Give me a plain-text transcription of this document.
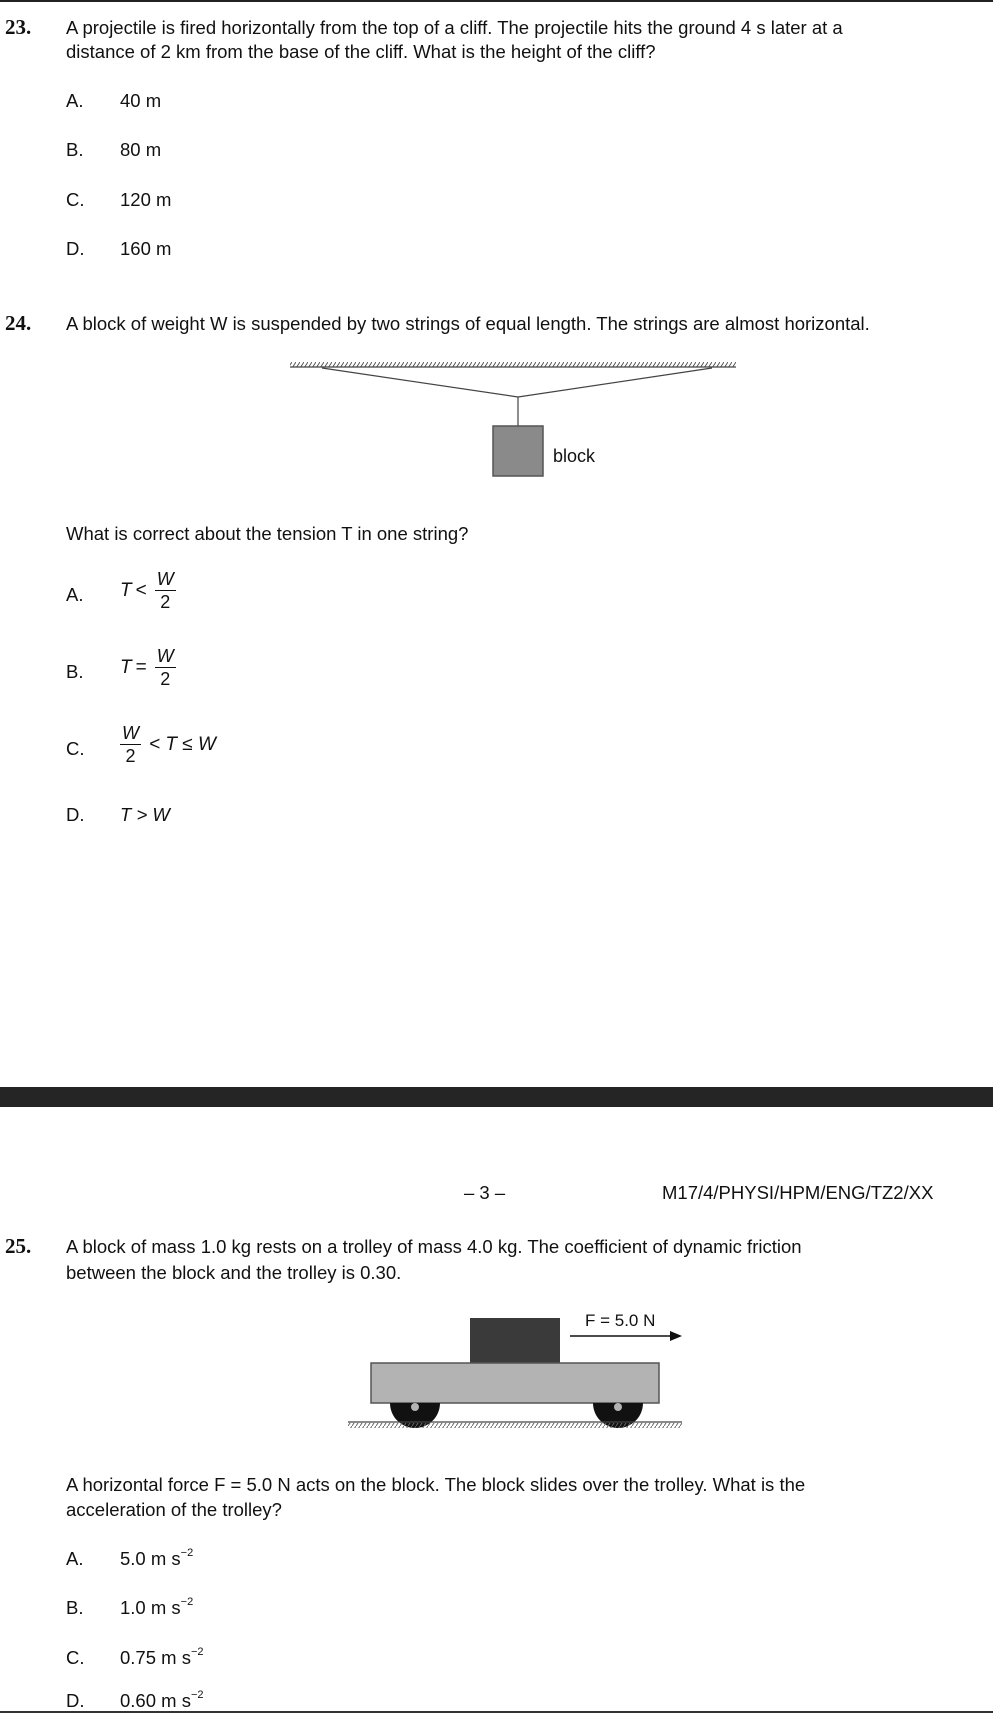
23. A projectile is fired horizontally from the top of a cliff. The projectile hits the ground 4 s later at a
distance of 2 km from the base of the cliff. What is the height of the cliff?
A. 40 m
B. 80 m
C. 120 m
D. 160 m
24. A block of weight W is suspended by two strings of equal length. The strings are almost horizontal.
block
What is correct about the tension T in one string?
A. $T < \frac{W}{2}$
B. $T = \frac{W}{2}$
C. $\frac{W}{2} < T \le W$
D. T > W
– 3 –	M17/4/PHYSI/HPM/ENG/TZ2/XX
25. A block of mass 1.0 kg rests on a trolley of mass 4.0 kg. The coefficient of dynamic friction
between the block and the trolley is 0.30.
F = 5.0 N
A horizontal force F = 5.0 N acts on the block. The block slides over the trolley. What is the
acceleration of the trolley?
A. 5.0 m $s^{-2}$
B. 1.0 m $s^{-2}$
C. 0.75 m $s^{-2}$
D. 0.60 m $s^{-2}$
